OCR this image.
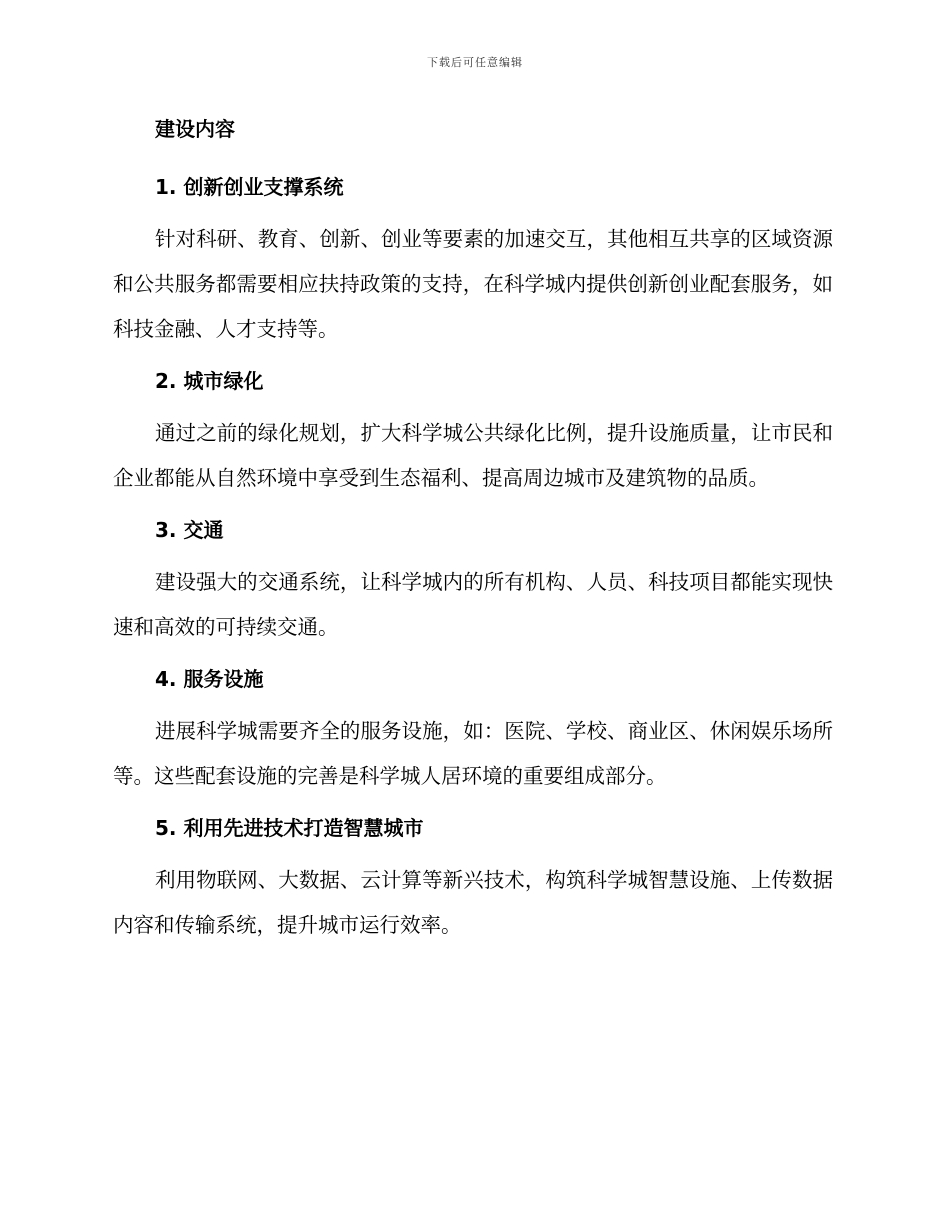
下载后可任意编辑
建设内容
1. 创新创业支撑系统

针对科研、教育、创新、创业等要素的加速交互，其他相互共享的区域资源和公共服务都需要相应扶持政策的支持，在科学城内提供创新创业配套服务，如科技金融、人才支持等。

2. 城市绿化

通过之前的绿化规划，扩大科学城公共绿化比例，提升设施质量，让市民和企业都能从自然环境中享受到生态福利、提高周边城市及建筑物的品质。

3. 交通

建设强大的交通系统，让科学城内的所有机构、人员、科技项目都能实现快速和高效的可持续交通。

4. 服务设施

进展科学城需要齐全的服务设施，如：医院、学校、商业区、休闲娱乐场所等。这些配套设施的完善是科学城人居环境的重要组成部分。

5. 利用先进技术打造智慧城市

利用物联网、大数据、云计算等新兴技术，构筑科学城智慧设施、上传数据内容和传输系统，提升城市运行效率。
